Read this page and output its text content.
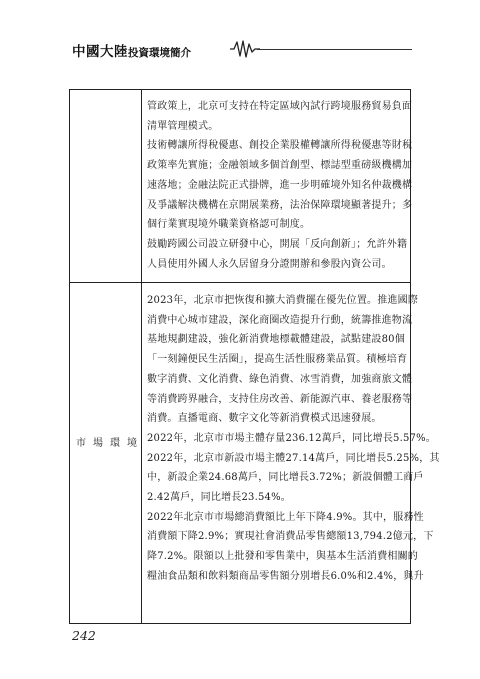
中國大陸投資環境簡介

管政策上，北京可支持在特定區域內試行跨境服務貿易負面

清單管理模式。

技術轉讓所得稅優惠、創投企業股權轉讓所得稅優惠等財稅

政策率先實施；金融領域多個首創型、標誌型重磅級機構加

速落地；金融法院正式掛牌，進一步明確境外知名仲裁機構

及爭議解決機構在京開展業務，法治保障環境顯著提升；多

個行業實現境外職業資格認可制度。

鼓勵跨國公司設立研發中心，開展「反向創新」；允許外籍

人員使用外國人永久居留身分證開辦和參股內資公司。

市場環境

2023年，北京市把恢復和擴大消費擺在優先位置。推進國際

消費中心城市建設，深化商圈改造提升行動，統籌推進物流

基地規劃建設，強化新消費地標載體建設，試點建設80個

「一刻鐘便民生活圈」，提高生活性服務業品質。積極培育

數字消費、文化消費、綠色消費、冰雪消費，加強商旅文體

等消費跨界融合，支持住房改善、新能源汽車、養老服務等

消費。直播電商、數字文化等新消費模式迅速發展。

2022年，北京市市場主體存量236.12萬戶，同比增長5.57%。

2022年，北京市新設市場主體27.14萬戶，同比增長5.25%，其

中，新設企業24.68萬戶，同比增長3.72%；新設個體工商戶

2.42萬戶，同比增長23.54%。

2022年北京市市場總消費額比上年下降4.9%。其中，服務性

消費額下降2.9%；實現社會消費品零售總額13,794.2億元，下

降7.2%。限額以上批發和零售業中，與基本生活消費相關的

糧油食品類和飲料類商品零售額分別增長6.0%和2.4%，與升

242
